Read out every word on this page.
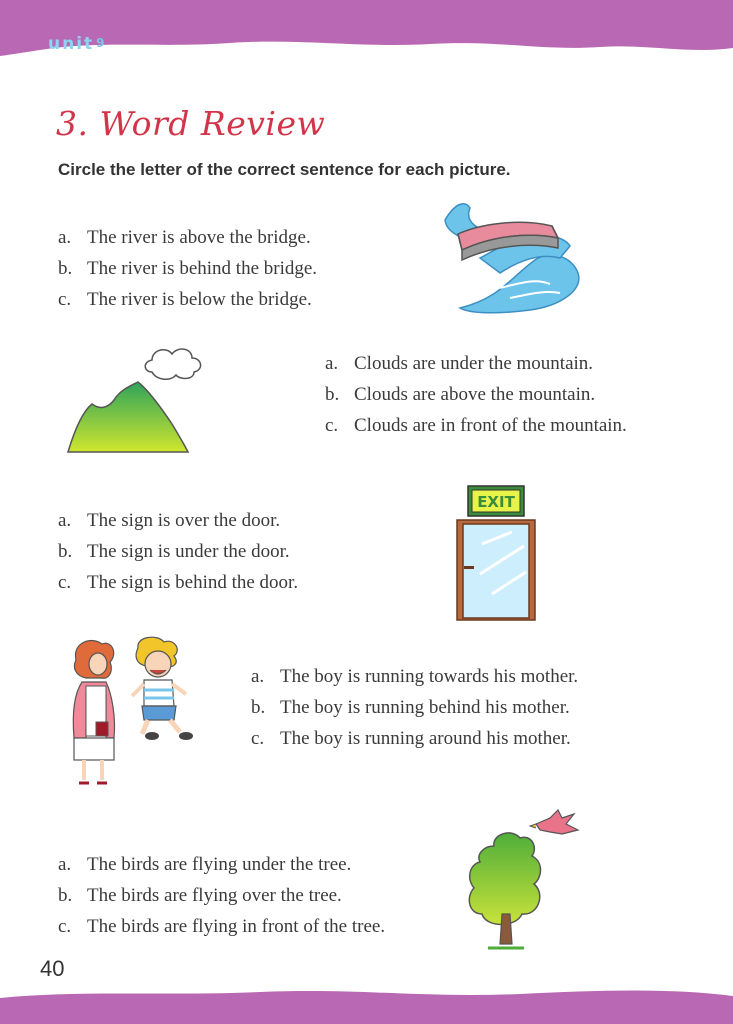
unit 9
3. Word Review
Circle the letter of the correct sentence for each picture.
a. The river is above the bridge.
b. The river is behind the bridge.
c. The river is below the bridge.
a. Clouds are under the mountain.
b. Clouds are above the mountain.
c. Clouds are in front of the mountain.
a. The sign is over the door.
b. The sign is under the door.
c. The sign is behind the door.
EXIT
a. The boy is running towards his mother.
b. The boy is running behind his mother.
c. The boy is running around his mother.
a. The birds are flying under the tree.
b. The birds are flying over the tree.
c. The birds are flying in front of the tree.
40
